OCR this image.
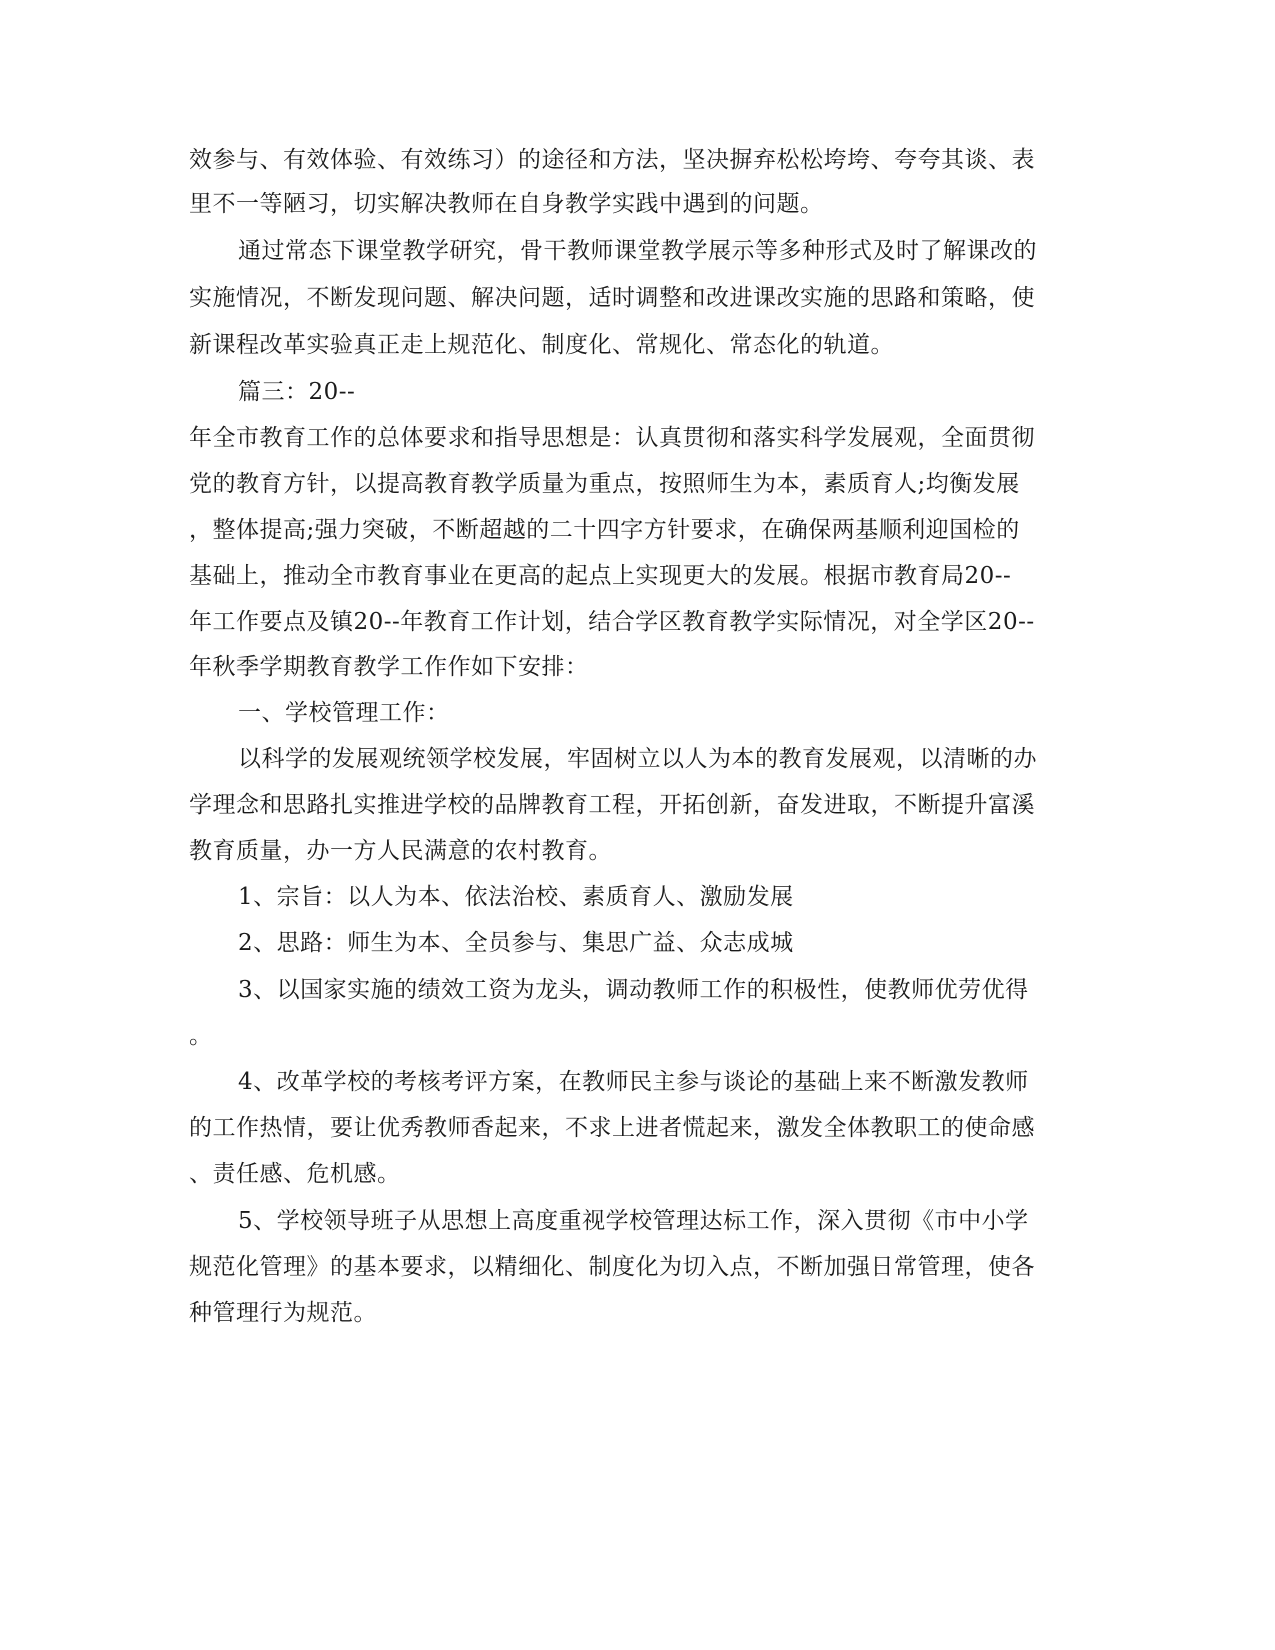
效参与、有效体验、有效练习）的途径和方法，坚决摒弃松松垮垮、夸夸其谈、表
里不一等陋习，切实解决教师在自身教学实践中遇到的问题。
通过常态下课堂教学研究，骨干教师课堂教学展示等多种形式及时了解课改的
实施情况，不断发现问题、解决问题，适时调整和改进课改实施的思路和策略，使
新课程改革实验真正走上规范化、制度化、常规化、常态化的轨道。
篇三：20--
年全市教育工作的总体要求和指导思想是：认真贯彻和落实科学发展观，全面贯彻
党的教育方针，以提高教育教学质量为重点，按照师生为本，素质育人;均衡发展
，整体提高;强力突破，不断超越的二十四字方针要求，在确保两基顺利迎国检的
基础上，推动全市教育事业在更高的起点上实现更大的发展。根据市教育局20--
年工作要点及镇20--年教育工作计划，结合学区教育教学实际情况，对全学区20--
年秋季学期教育教学工作作如下安排：
一、学校管理工作：
以科学的发展观统领学校发展，牢固树立以人为本的教育发展观，以清晰的办
学理念和思路扎实推进学校的品牌教育工程，开拓创新，奋发进取，不断提升富溪
教育质量，办一方人民满意的农村教育。
1、宗旨：以人为本、依法治校、素质育人、激励发展
2、思路：师生为本、全员参与、集思广益、众志成城
3、以国家实施的绩效工资为龙头，调动教师工作的积极性，使教师优劳优得
。
4、改革学校的考核考评方案，在教师民主参与谈论的基础上来不断激发教师
的工作热情，要让优秀教师香起来，不求上进者慌起来，激发全体教职工的使命感
、责任感、危机感。
5、学校领导班子从思想上高度重视学校管理达标工作，深入贯彻《市中小学
规范化管理》的基本要求，以精细化、制度化为切入点，不断加强日常管理，使各
种管理行为规范。
